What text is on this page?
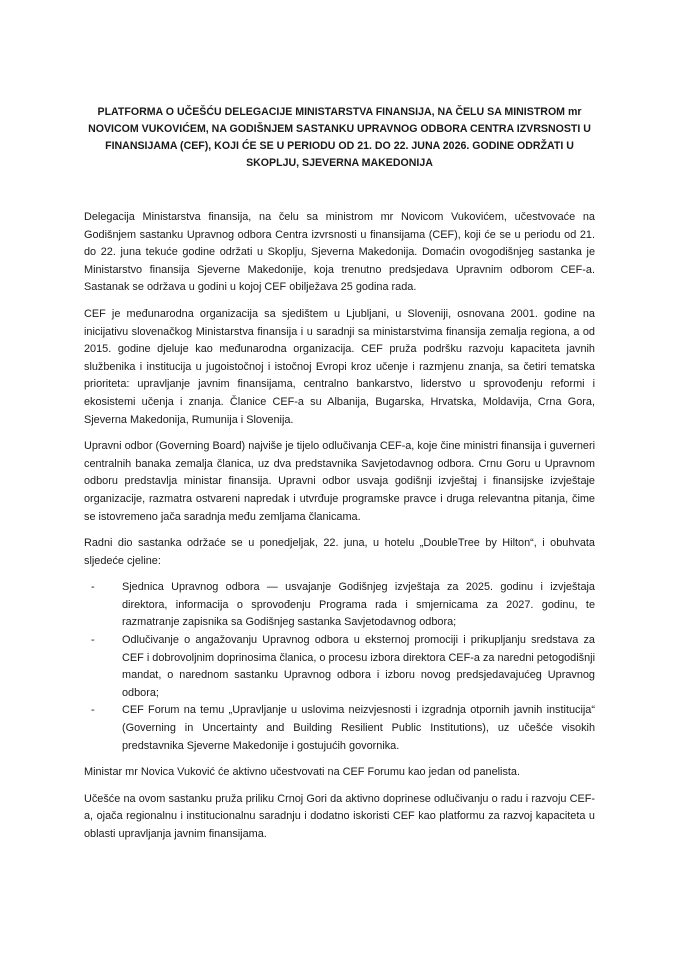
PLATFORMA O UČEŠĆU DELEGACIJE MINISTARSTVA FINANSIJA, NA ČELU SA MINISTROM mr NOVICOM VUKOVIĆEM, NA GODIŠNJEM SASTANKU UPRAVNOG ODBORA CENTRA IZVRSNOSTI U FINANSIJAMA (CEF), KOJI ĆE SE U PERIODU OD 21. DO 22. JUNA 2026. GODINE ODRŽATI U SKOPLJU, SJEVERNA MAKEDONIJA

Delegacija Ministarstva finansija, na čelu sa ministrom mr Novicom Vukovićem, učestvovaće na Godišnjem sastanku Upravnog odbora Centra izvrsnosti u finansijama (CEF), koji će se u periodu od 21. do 22. juna tekuće godine održati u Skoplju, Sjeverna Makedonija. Domaćin ovogodišnjeg sastanka je Ministarstvo finansija Sjeverne Makedonije, koja trenutno predsjedava Upravnim odborom CEF-a. Sastanak se održava u godini u kojoj CEF obilježava 25 godina rada.

CEF je međunarodna organizacija sa sjedištem u Ljubljani, u Sloveniji, osnovana 2001. godine na inicijativu slovenačkog Ministarstva finansija i u saradnji sa ministarstvima finansija zemalja regiona, a od 2015. godine djeluje kao međunarodna organizacija. CEF pruža podršku razvoju kapaciteta javnih službenika i institucija u jugoistočnoj i istočnoj Evropi kroz učenje i razmjenu znanja, sa četiri tematska prioriteta: upravljanje javnim finansijama, centralno bankarstvo, liderstvo u sprovođenju reformi i ekosistemi učenja i znanja. Članice CEF-a su Albanija, Bugarska, Hrvatska, Moldavija, Crna Gora, Sjeverna Makedonija, Rumunija i Slovenija.

Upravni odbor (Governing Board) najviše je tijelo odlučivanja CEF-a, koje čine ministri finansija i guverneri centralnih banaka zemalja članica, uz dva predstavnika Savjetodavnog odbora. Crnu Goru u Upravnom odboru predstavlja ministar finansija. Upravni odbor usvaja godišnji izvještaj i finansijske izvještaje organizacije, razmatra ostvareni napredak i utvrđuje programske pravce i druga relevantna pitanja, čime se istovremeno jača saradnja među zemljama članicama.

Radni dio sastanka održaće se u ponedjeljak, 22. juna, u hotelu „DoubleTree by Hilton“, i obuhvata sljedeće cjeline:

-	Sjednica Upravnog odbora — usvajanje Godišnjeg izvještaja za 2025. godinu i izvještaja direktora, informacija o sprovođenju Programa rada i smjernicama za 2027. godinu, te razmatranje zapisnika sa Godišnjeg sastanka Savjetodavnog odbora;
-	Odlučivanje o angažovanju Upravnog odbora u eksternoj promociji i prikupljanju sredstava za CEF i dobrovoljnim doprinosima članica, o procesu izbora direktora CEF-a za naredni petogodišnji mandat, o narednom sastanku Upravnog odbora i izboru novog predsjedavajućeg Upravnog odbora;
-	CEF Forum na temu „Upravljanje u uslovima neizvjesnosti i izgradnja otpornih javnih institucija“ (Governing in Uncertainty and Building Resilient Public Institutions), uz učešće visokih predstavnika Sjeverne Makedonije i gostujućih govornika.

Ministar mr Novica Vuković će aktivno učestvovati na CEF Forumu kao jedan od panelista.

Učešće na ovom sastanku pruža priliku Crnoj Gori da aktivno doprinese odlučivanju o radu i razvoju CEF-a, ojača regionalnu i institucionalnu saradnju i dodatno iskoristi CEF kao platformu za razvoj kapaciteta u oblasti upravljanja javnim finansijama.
